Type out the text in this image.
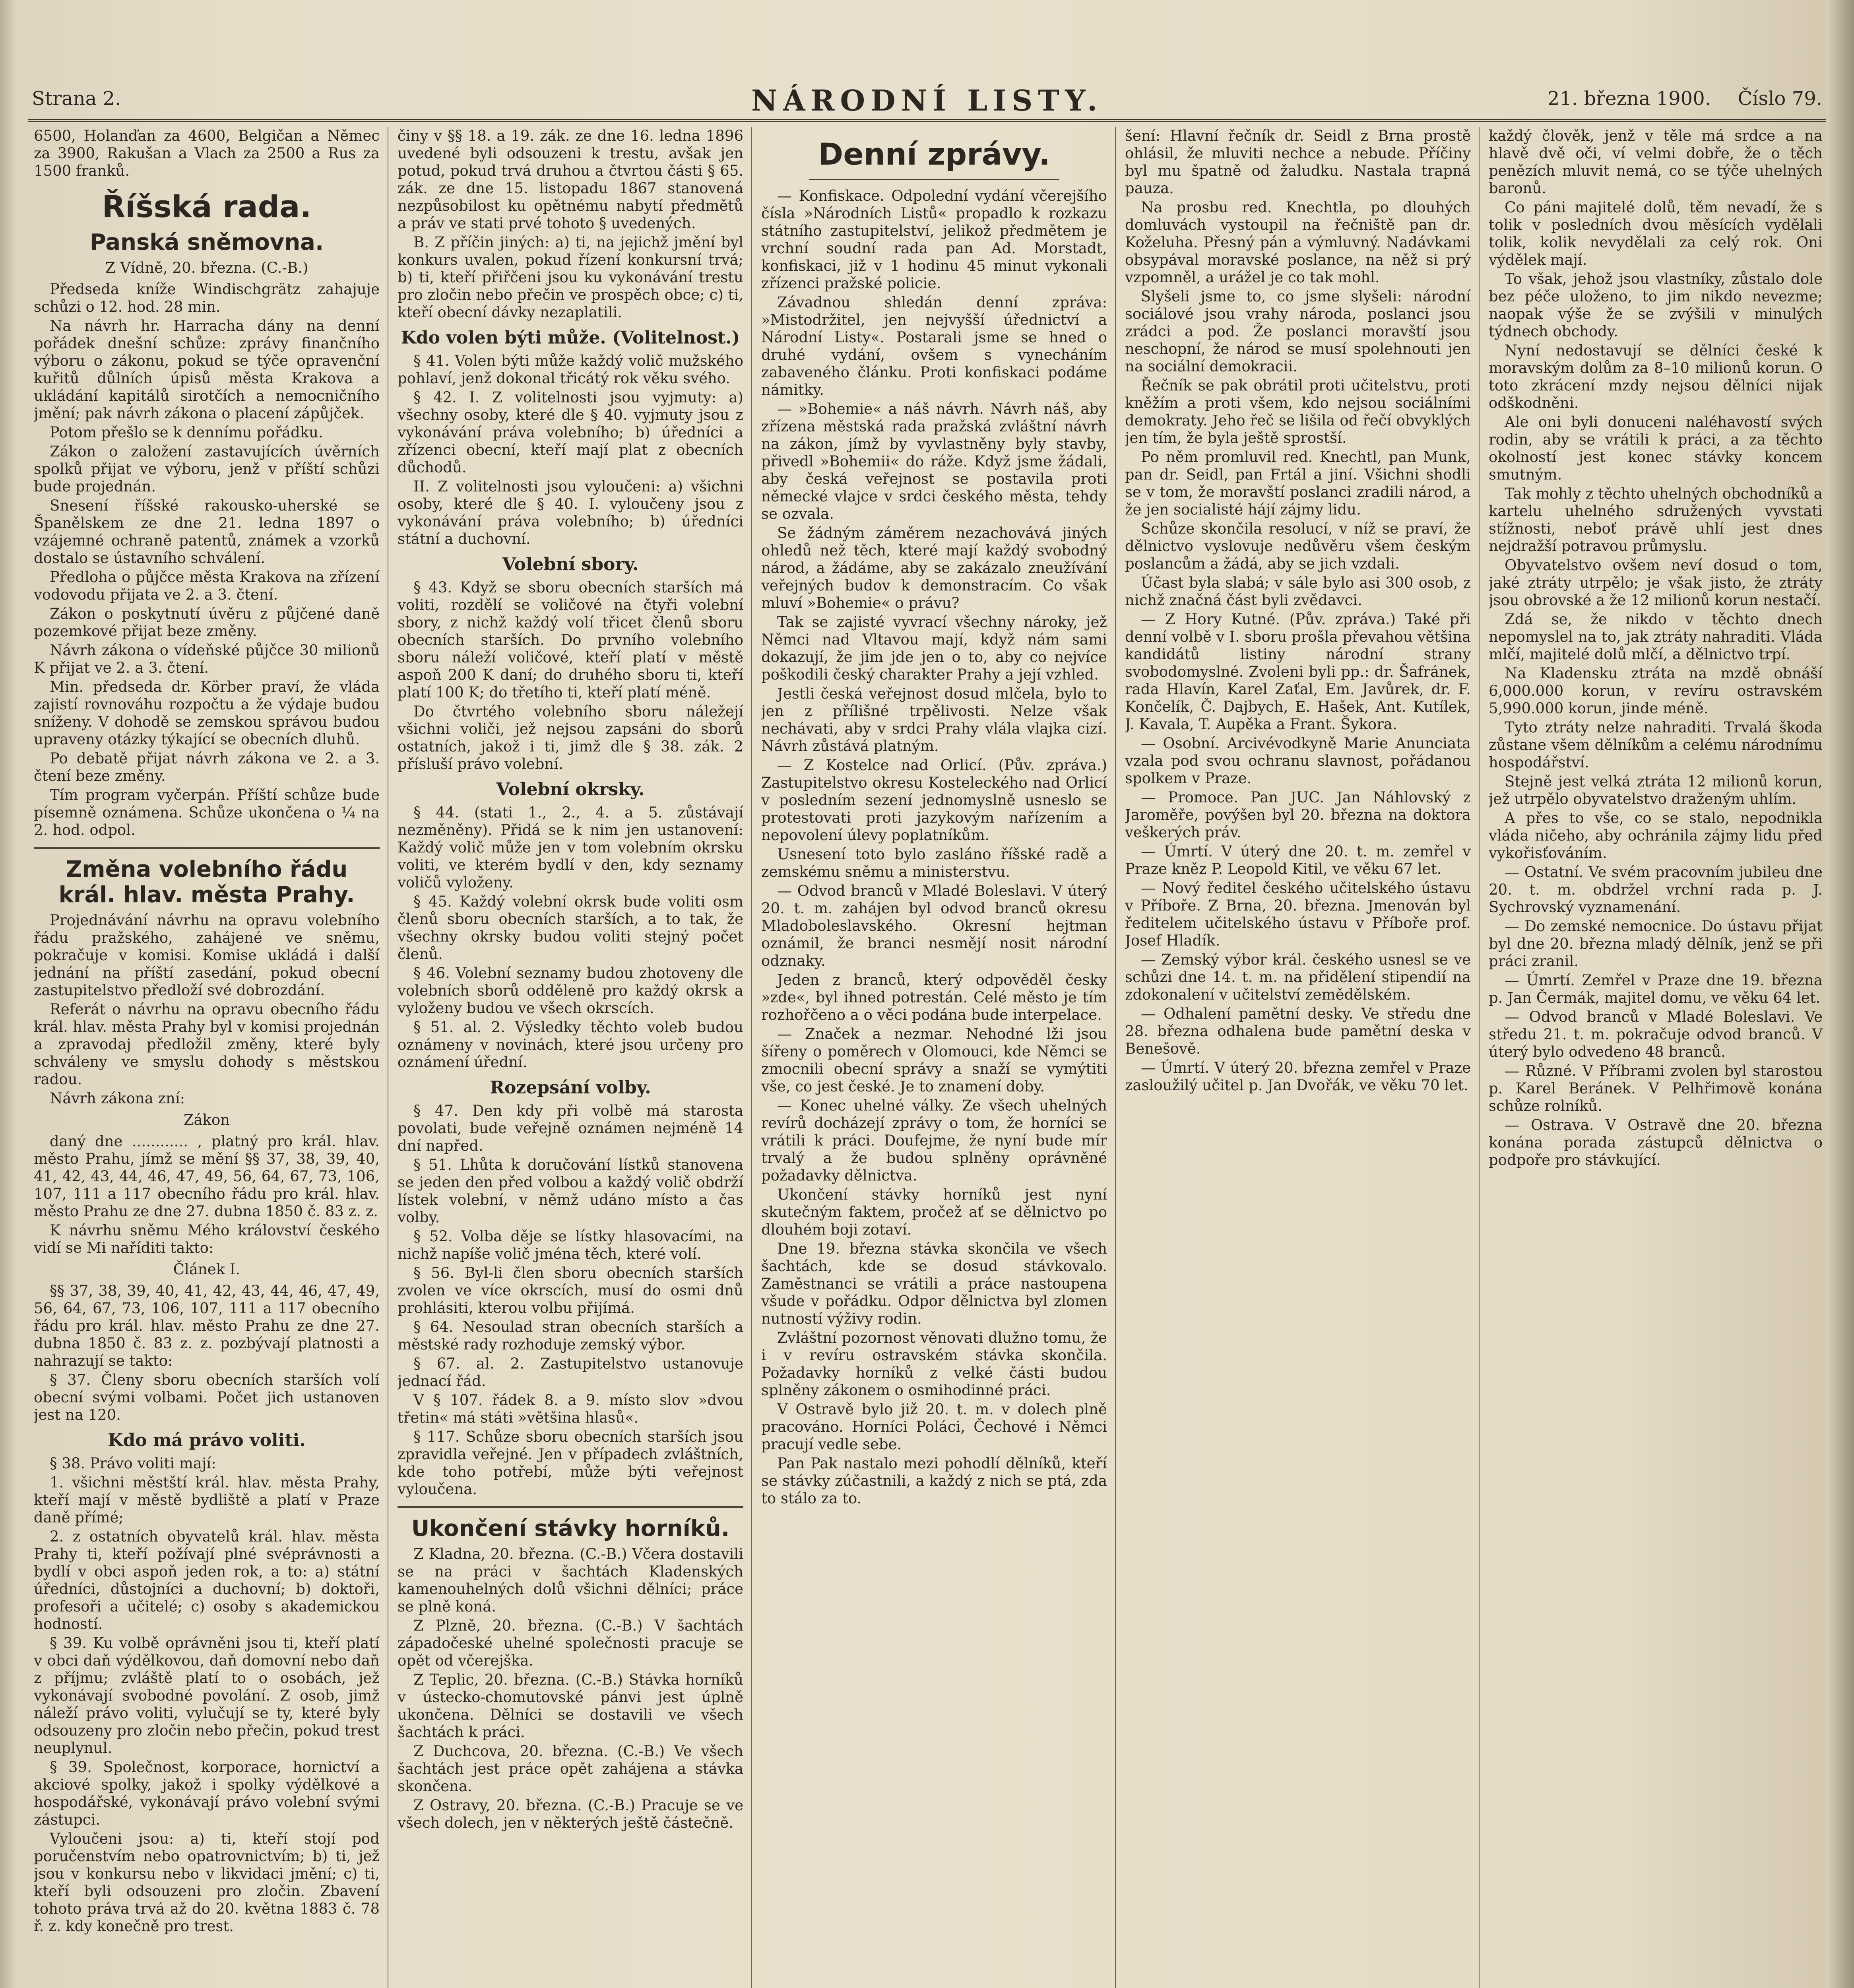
Strana 2.	NÁRODNÍ LISTY.	21. března 1900. Číslo 79.

6500, Holanďan za 4600, Belgičan a Němec za 3900, Rakušan a Vlach za 2500 a Rus za 1500 franků.

Říšská rada.
Panská sněmovna.

Z Vídně, 20. března. (C.-B.)

Předseda kníže Windischgrätz zahajuje schůzi o 12. hod. 28 min.

Na návrh hr. Harracha dány na denní pořádek dnešní schůze: zprávy finančního výboru o zákonu, pokud se týče opravenční kuřitů důlních úpisů města Krakova a ukládání kapitálů sirotčích a nemocničního jmění; pak návrh zákona o placení zápůjček.

Potom přešlo se k dennímu pořádku.

Zákon o založení zastavujících úvěrních spolků přijat ve výboru, jenž v příští schůzi bude projednán.

Snesení říšské rakousko-uherské se Španělskem ze dne 21. ledna 1897 o vzájemné ochraně patentů, známek a vzorků dostalo se ústavního schválení.

Předloha o půjčce města Krakova na zřízení vodovodu přijata ve 2. a 3. čtení.

Zákon o poskytnutí úvěru z půjčené daně pozemkové přijat beze změny.

Návrh zákona o vídeňské půjčce 30 milionů K přijat ve 2. a 3. čtení.

Min. předseda dr. Körber praví, že vláda zajistí rovnováhu rozpočtu a že výdaje budou sníženy. V dohodě se zemskou správou budou upraveny otázky týkající se obecních dluhů.

Po debatě přijat návrh zákona ve 2. a 3. čtení beze změny.

Tím program vyčerpán. Příští schůze bude písemně oznámena. Schůze ukončena o ¼ na 2. hod. odpol.

Změna volebního řádu král. hlav. města Prahy.

Projednávání návrhu na opravu volebního řádu pražského, zahájené ve sněmu, pokračuje v komisi. Komise ukládá i další jednání na příští zasedání, pokud obecní zastupitelstvo předloží své dobrozdání.

Referát o návrhu na opravu obecního řádu král. hlav. města Prahy byl v komisi projednán a zpravodaj předložil změny, které byly schváleny ve smyslu dohody s městskou radou.

Návrh zákona zní:

Zákon

daný dne ............ , platný pro král. hlav. město Prahu, jímž se mění §§ 37, 38, 39, 40, 41, 42, 43, 44, 46, 47, 49, 56, 64, 67, 73, 106, 107, 111 a 117 obecního řádu pro král. hlav. město Prahu ze dne 27. dubna 1850 č. 83 z. z.

K návrhu sněmu Mého království českého vidí se Mi naříditi takto:

Článek I.

§§ 37, 38, 39, 40, 41, 42, 43, 44, 46, 47, 49, 56, 64, 67, 73, 106, 107, 111 a 117 obecního řádu pro král. hlav. město Prahu ze dne 27. dubna 1850 č. 83 z. z. pozbývají platnosti a nahrazují se takto:

§ 37. Členy sboru obecních starších volí obecní svými volbami. Počet jich ustanoven jest na 120.

Kdo má právo voliti.

§ 38. Právo voliti mají:

1. všichni městští král. hlav. města Prahy, kteří mají v městě bydliště a platí v Praze daně přímé;

2. z ostatních obyvatelů král. hlav. města Prahy ti, kteří požívají plné svéprávnosti a bydlí v obci aspoň jeden rok, a to: a) státní úředníci, důstojníci a duchovní; b) doktoři, profesoři a učitelé; c) osoby s akademickou hodností.

§ 39. Ku volbě oprávněni jsou ti, kteří platí v obci daň výdělkovou, daň domovní nebo daň z příjmu; zvláště platí to o osobách, jež vykonávají svobodné povolání. Z osob, jimž náleží právo voliti, vylučují se ty, které byly odsouzeny pro zločin nebo přečin, pokud trest neuplynul.

§ 39. Společnost, korporace, hornictví a akciové spolky, jakož i spolky výdělkové a hospodářské, vykonávají právo volební svými zástupci.

Vyloučeni jsou: a) ti, kteří stojí pod poručenstvím nebo opatrovnictvím; b) ti, jež jsou v konkursu nebo v likvidaci jmění; c) ti, kteří byli odsouzeni pro zločin. Zbavení tohoto práva trvá až do 20. května 1883 č. 78 ř. z. kdy konečně pro trest.

činy v §§ 18. a 19. zák. ze dne 16. ledna 1896 uvedené byli odsouzeni k trestu, avšak jen potud, pokud trvá druhou a čtvrtou části § 65. zák. ze dne 15. listopadu 1867 stanovená nezpůsobilost ku opětnému nabytí předmětů a práv ve stati prvé tohoto § uvedených.

B. Z příčin jiných: a) ti, na jejichž jmění byl konkurs uvalen, pokud řízení konkursní trvá; b) ti, kteří přiřčeni jsou ku vykonávání trestu pro zločin nebo přečin ve prospěch obce; c) ti, kteří obecní dávky nezaplatili.

Kdo volen býti může. (Volitelnost.)

§ 41. Volen býti může každý volič mužského pohlaví, jenž dokonal třicátý rok věku svého.

§ 42. I. Z volitelnosti jsou vyjmuty: a) všechny osoby, které dle § 40. vyjmuty jsou z vykonávání práva volebního; b) úředníci a zřízenci obecní, kteří mají plat z obecních důchodů.

II. Z volitelnosti jsou vyloučeni: a) všichni osoby, které dle § 40. I. vyloučeny jsou z vykonávání práva volebního; b) úředníci státní a duchovní.

Volební sbory.

§ 43. Když se sboru obecních starších má voliti, rozdělí se voličové na čtyři volební sbory, z nichž každý volí třicet členů sboru obecních starších. Do prvního volebního sboru náleží voličové, kteří platí v městě aspoň 200 K daní; do druhého sboru ti, kteří platí 100 K; do třetího ti, kteří platí méně.

Do čtvrtého volebního sboru náležejí všichni voliči, jež nejsou zapsáni do sborů ostatních, jakož i ti, jimž dle § 38. zák. 2 přísluší právo volební.

Volební okrsky.

§ 44. (stati 1., 2., 4. a 5. zůstávají nezměněny). Přidá se k nim jen ustanovení: Každý volič může jen v tom volebním okrsku voliti, ve kterém bydlí v den, kdy seznamy voličů vyloženy.

§ 45. Každý volební okrsk bude voliti osm členů sboru obecních starších, a to tak, že všechny okrsky budou voliti stejný počet členů.

§ 46. Volební seznamy budou zhotoveny dle volebních sborů odděleně pro každý okrsk a vyloženy budou ve všech okrscích.

§ 51. al. 2. Výsledky těchto voleb budou oznámeny v novinách, které jsou určeny pro oznámení úřední.

Rozepsání volby.

§ 47. Den kdy při volbě má starosta povolati, bude veřejně oznámen nejméně 14 dní napřed.

§ 51. Lhůta k doručování lístků stanovena se jeden den před volbou a každý volič obdrží lístek volební, v němž udáno místo a čas volby.

§ 52. Volba děje se lístky hlasovacími, na nichž napíše volič jména těch, které volí.

§ 56. Byl-li člen sboru obecních starších zvolen ve více okrscích, musí do osmi dnů prohlásiti, kterou volbu přijímá.

§ 64. Nesoulad stran obecních starších a městské rady rozhoduje zemský výbor.

§ 67. al. 2. Zastupitelstvo ustanovuje jednací řád.

V § 107. řádek 8. a 9. místo slov »dvou třetin« má státi »většina hlasů«.

§ 117. Schůze sboru obecních starších jsou zpravidla veřejné. Jen v případech zvláštních, kde toho potřebí, může býti veřejnost vyloučena.

Ukončení stávky horníků.

Z Kladna, 20. března. (C.-B.) Včera dostavili se na práci v šachtách Kladenských kamenouhelných dolů všichni dělníci; práce se plně koná.

Z Plzně, 20. března. (C.-B.) V šachtách západočeské uhelné společnosti pracuje se opět od včerejška.

Z Teplic, 20. března. (C.-B.) Stávka horníků v ústecko-chomutovské pánvi jest úplně ukončena. Dělníci se dostavili ve všech šachtách k práci.

Z Duchcova, 20. března. (C.-B.) Ve všech šachtách jest práce opět zahájena a stávka skončena.

Z Ostravy, 20. března. (C.-B.) Pracuje se ve všech dolech, jen v některých ještě částečně.

Denní zprávy.

— Konfiskace. Odpolední vydání včerejšího čísla »Národních Listů« propadlo k rozkazu státního zastupitelství, jelikož předmětem je vrchní soudní rada pan Ad. Morstadt, konfiskaci, již v 1 hodinu 45 minut vykonali zřízenci pražské policie.

Závadnou shledán denní zpráva: »Mistodržitel, jen nejvyšší úřednictví a Národní Listy«. Postarali jsme se hned o druhé vydání, ovšem s vynecháním zabaveného článku. Proti konfiskaci podáme námitky.

— »Bohemie« a náš návrh. Návrh náš, aby zřízena městská rada pražská zvláštní návrh na zákon, jímž by vyvlastněny byly stavby, přivedl »Bohemii« do ráže. Když jsme žádali, aby česká veřejnost se postavila proti německé vlajce v srdci českého města, tehdy se ozvala.

Se žádným záměrem nezachovává jiných ohledů než těch, které mají každý svobodný národ, a žádáme, aby se zakázalo zneužívání veřejných budov k demonstracím. Co však mluví »Bohemie« o právu?

Tak se zajisté vyvrací všechny nároky, jež Němci nad Vltavou mají, když nám sami dokazují, že jim jde jen o to, aby co nejvíce poškodili český charakter Prahy a její vzhled.

Jestli česká veřejnost dosud mlčela, bylo to jen z přílišné trpělivosti. Nelze však nechávati, aby v srdci Prahy vlála vlajka cizí. Návrh zůstává platným.

— Z Kostelce nad Orlicí. (Pův. zpráva.) Zastupitelstvo okresu Kosteleckého nad Orlicí v posledním sezení jednomyslně usneslo se protestovati proti jazykovým nařízením a nepovolení úlevy poplatníkům.

Usnesení toto bylo zasláno říšské radě a zemskému sněmu a ministerstvu.

— Odvod branců v Mladé Boleslavi. V úterý 20. t. m. zahájen byl odvod branců okresu Mladoboleslavského. Okresní hejtman oznámil, že branci nesmějí nosit národní odznaky.

Jeden z branců, který odpověděl česky »zde«, byl ihned potrestán. Celé město je tím rozhořčeno a o věci podána bude interpelace.

— Značek a nezmar. Nehodné lži jsou šířeny o poměrech v Olomouci, kde Němci se zmocnili obecní správy a snaží se vymýtiti vše, co jest české. Je to znamení doby.

— Konec uhelné války. Ze všech uhelných revírů docházejí zprávy o tom, že horníci se vrátili k práci. Doufejme, že nyní bude mír trvalý a že budou splněny oprávněné požadavky dělnictva.

Ukončení stávky horníků jest nyní skutečným faktem, pročež ať se dělnictvo po dlouhém boji zotaví.

Dne 19. března stávka skončila ve všech šachtách, kde se dosud stávkovalo. Zaměstnanci se vrátili a práce nastoupena všude v pořádku. Odpor dělnictva byl zlomen nutností výživy rodin.

Zvláštní pozornost věnovati dlužno tomu, že i v revíru ostravském stávka skončila. Požadavky horníků z velké části budou splněny zákonem o osmihodinné práci.

V Ostravě bylo již 20. t. m. v dolech plně pracováno. Horníci Poláci, Čechové i Němci pracují vedle sebe.

Pan Pak nastalo mezi pohodlí dělníků, kteří se stávky zúčastnili, a každý z nich se ptá, zda to stálo za to.

šení: Hlavní řečník dr. Seidl z Brna prostě ohlásil, že mluviti nechce a nebude. Příčiny byl mu špatně od žaludku. Nastala trapná pauza.

Na prosbu red. Knechtla, po dlouhých domluvách vystoupil na řečniště pan dr. Koželuha. Přesný pán a výmluvný. Nadávkami obsypával moravské poslance, na něž si prý vzpomněl, a urážel je co tak mohl.

Slyšeli jsme to, co jsme slyšeli: národní sociálové jsou vrahy národa, poslanci jsou zrádci a pod. Že poslanci moravští jsou neschopní, že národ se musí spolehnouti jen na sociální demokracii.

Řečník se pak obrátil proti učitelstvu, proti kněžím a proti všem, kdo nejsou sociálními demokraty. Jeho řeč se lišila od řečí obvyklých jen tím, že byla ještě sprostší.

Po něm promluvil red. Knechtl, pan Munk, pan dr. Seidl, pan Frtál a jiní. Všichni shodli se v tom, že moravští poslanci zradili národ, a že jen socialisté hájí zájmy lidu.

Schůze skončila resolucí, v níž se praví, že dělnictvo vyslovuje nedůvěru všem českým poslancům a žádá, aby se jich vzdali.

Účast byla slabá; v sále bylo asi 300 osob, z nichž značná část byli zvědavci.

— Z Hory Kutné. (Pův. zpráva.) Také při denní volbě v I. sboru prošla převahou většina kandidátů listiny národní strany svobodomyslné. Zvoleni byli pp.: dr. Šafránek, rada Hlavín, Karel Zaťal, Em. Javůrek, dr. F. Končelík, Č. Dajbych, E. Hašek, Ant. Kutílek, J. Kavala, T. Aupěka a Frant. Šykora.

— Osobní. Arcivévodkyně Marie Anunciata vzala pod svou ochranu slavnost, pořádanou spolkem v Praze.

— Promoce. Pan JUC. Jan Náhlovský z Jaroměře, povýšen byl 20. března na doktora veškerých práv.

— Úmrtí. V úterý dne 20. t. m. zemřel v Praze kněz P. Leopold Kitil, ve věku 67 let.

— Nový ředitel českého učitelského ústavu v Příboře. Z Brna, 20. března. Jmenován byl ředitelem učitelského ústavu v Příboře prof. Josef Hladík.

— Zemský výbor král. českého usnesl se ve schůzi dne 14. t. m. na přidělení stipendií na zdokonalení v učitelství zemědělském.

— Odhalení pamětní desky. Ve středu dne 28. března odhalena bude pamětní deska v Benešově.

— Úmrtí. V úterý 20. března zemřel v Praze zasloužilý učitel p. Jan Dvořák, ve věku 70 let.

každý člověk, jenž v těle má srdce a na hlavě dvě oči, ví velmi dobře, že o těch penězích mluvit nemá, co se týče uhelných baronů.

Co páni majitelé dolů, těm nevadí, že s tolik v posledních dvou měsících vydělali tolik, kolik nevydělali za celý rok. Oni výdělek mají.

To však, jehož jsou vlastníky, zůstalo dole bez péče uloženo, to jim nikdo nevezme; naopak výše že se zvýšili v minulých týdnech obchody.

Nyní nedostavují se dělníci české k moravským dolům za 8–10 milionů korun. O toto zkrácení mzdy nejsou dělníci nijak odškodněni.

Ale oni byli donuceni naléhavostí svých rodin, aby se vrátili k práci, a za těchto okolností jest konec stávky koncem smutným.

Tak mohly z těchto uhelných obchodníků a kartelu uhelného sdružených vyvstati stížnosti, neboť právě uhlí jest dnes nejdražší potravou průmyslu.

Obyvatelstvo ovšem neví dosud o tom, jaké ztráty utrpělo; je však jisto, že ztráty jsou obrovské a že 12 milionů korun nestačí.

Zdá se, že nikdo v těchto dnech nepomyslel na to, jak ztráty nahraditi. Vláda mlčí, majitelé dolů mlčí, a dělnictvo trpí.

Na Kladensku ztráta na mzdě obnáší 6,000.000 korun, v revíru ostravském 5,990.000 korun, jinde méně.

Tyto ztráty nelze nahraditi. Trvalá škoda zůstane všem dělníkům a celému národnímu hospodářství.

Stejně jest velká ztráta 12 milionů korun, jež utrpělo obyvatelstvo draženým uhlím.

A přes to vše, co se stalo, nepodnikla vláda ničeho, aby ochránila zájmy lidu před vykořisťováním.

— Ostatní. Ve svém pracovním jubileu dne 20. t. m. obdržel vrchní rada p. J. Sychrovský vyznamenání.

— Do zemské nemocnice. Do ústavu přijat byl dne 20. března mladý dělník, jenž se při práci zranil.

— Úmrtí. Zemřel v Praze dne 19. března p. Jan Čermák, majitel domu, ve věku 64 let.

— Odvod branců v Mladé Boleslavi. Ve středu 21. t. m. pokračuje odvod branců. V úterý bylo odvedeno 48 branců.

— Různé. V Příbrami zvolen byl starostou p. Karel Beránek. V Pelhřimově konána schůze rolníků.

— Ostrava. V Ostravě dne 20. března konána porada zástupců dělnictva o podpoře pro stávkující.
